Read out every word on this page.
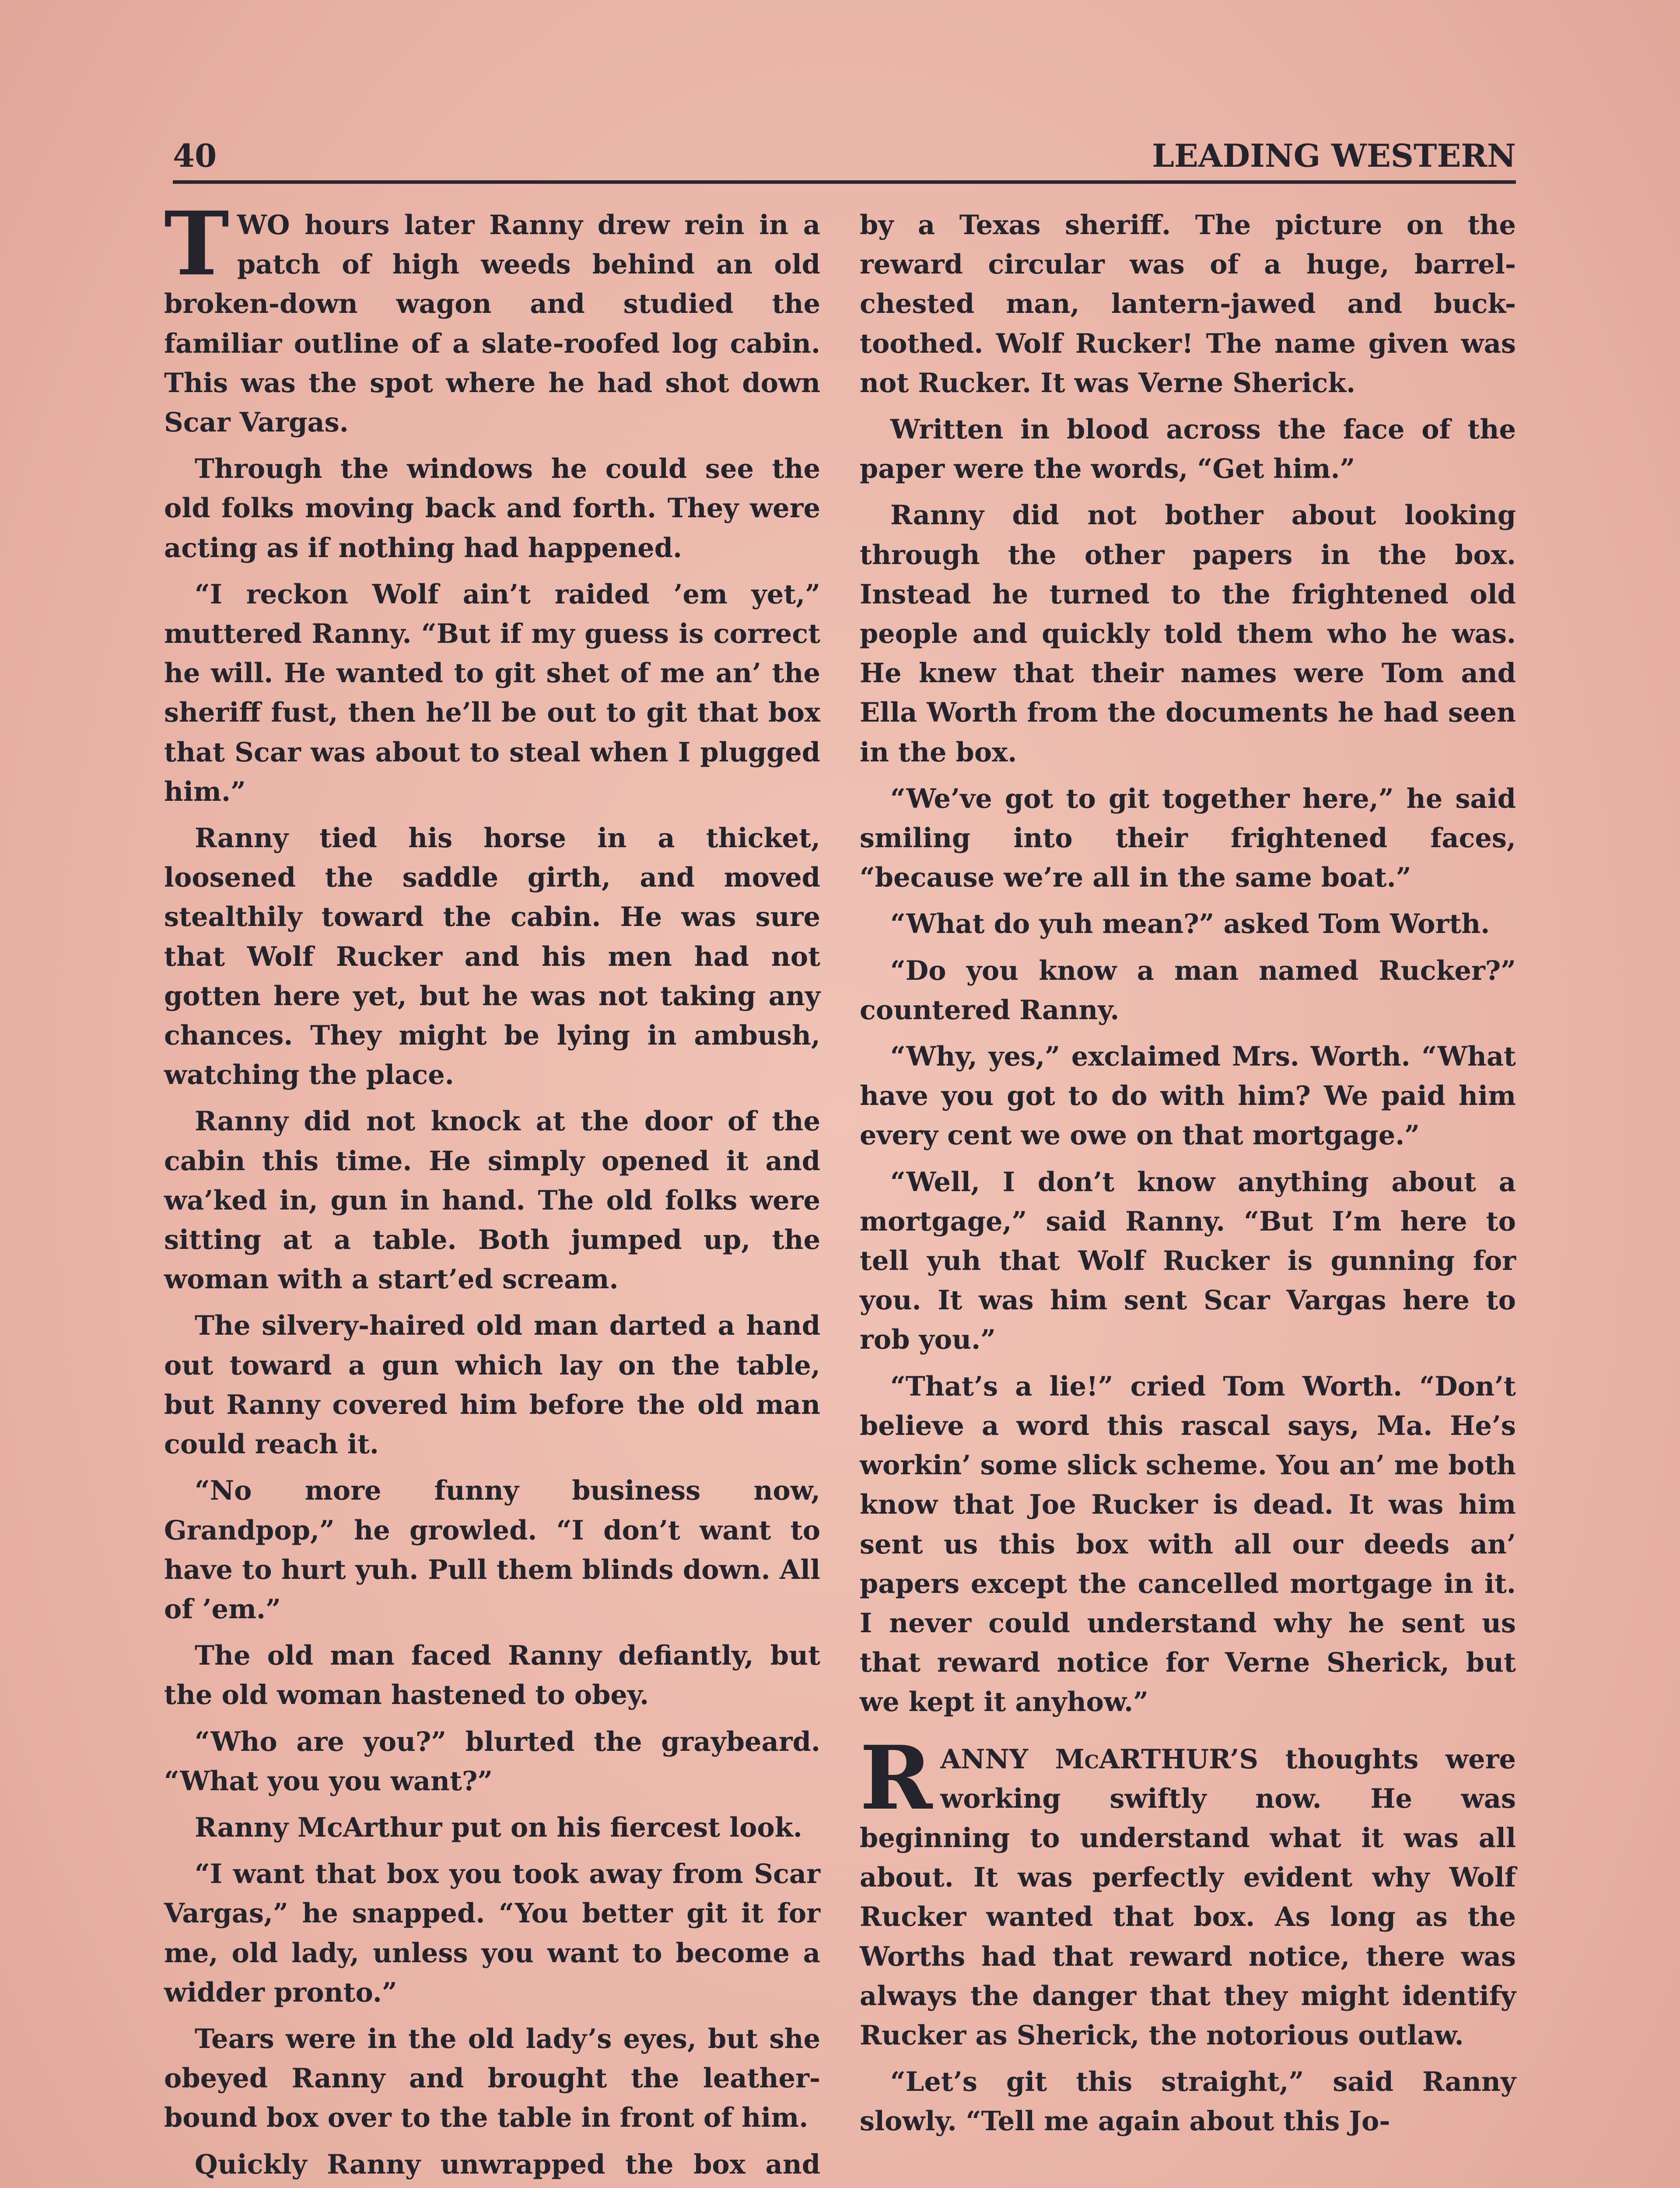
40	LEADING WESTERN

TWO hours later Ranny drew rein in a patch of high weeds behind an old broken-down wagon and studied the familiar outline of a slate-roofed log cabin. This was the spot where he had shot down Scar Vargas.

Through the windows he could see the old folks moving back and forth. They were acting as if nothing had happened.

“I reckon Wolf ain’t raided ’em yet,” muttered Ranny. “But if my guess is correct he will. He wanted to git shet of me an’ the sheriff fust, then he’ll be out to git that box that Scar was about to steal when I plugged him.”

Ranny tied his horse in a thicket, loosened the saddle girth, and moved stealthily toward the cabin. He was sure that Wolf Rucker and his men had not gotten here yet, but he was not taking any chances. They might be lying in ambush, watching the place.

Ranny did not knock at the door of the cabin this time. He simply opened it and wa’ked in, gun in hand. The old folks were sitting at a table. Both jumped up, the woman with a start’ed scream.

The silvery-haired old man darted a hand out toward a gun which lay on the table, but Ranny covered him before the old man could reach it.

“No more funny business now, Grandpop,” he growled. “I don’t want to have to hurt yuh. Pull them blinds down. All of ’em.”

The old man faced Ranny defiantly, but the old woman hastened to obey.

“Who are you?” blurted the graybeard. “What you you want?”

Ranny McArthur put on his fiercest look.

“I want that box you took away from Scar Vargas,” he snapped. “You better git it for me, old lady, unless you want to become a widder pronto.”

Tears were in the old lady’s eyes, but she obeyed Ranny and brought the leather-bound box over to the table in front of him.

Quickly Ranny unwrapped the box and

by a Texas sheriff. The picture on the reward circular was of a huge, barrel-chested man, lantern-jawed and buck-toothed. Wolf Rucker! The name given was not Rucker. It was Verne Sherick.

Written in blood across the face of the paper were the words, “Get him.”

Ranny did not bother about looking through the other papers in the box. Instead he turned to the frightened old people and quickly told them who he was. He knew that their names were Tom and Ella Worth from the documents he had seen in the box.

“We’ve got to git together here,” he said smiling into their frightened faces, “because we’re all in the same boat.”

“What do yuh mean?” asked Tom Worth.

“Do you know a man named Rucker?” countered Ranny.

“Why, yes,” exclaimed Mrs. Worth. “What have you got to do with him? We paid him every cent we owe on that mortgage.”

“Well, I don’t know anything about a mortgage,” said Ranny. “But I’m here to tell yuh that Wolf Rucker is gunning for you. It was him sent Scar Vargas here to rob you.”

“That’s a lie!” cried Tom Worth. “Don’t believe a word this rascal says, Ma. He’s workin’ some slick scheme. You an’ me both know that Joe Rucker is dead. It was him sent us this box with all our deeds an’ papers except the cancelled mortgage in it. I never could understand why he sent us that reward notice for Verne Sherick, but we kept it anyhow.”

RANNY McARTHUR’S thoughts were working swiftly now. He was beginning to understand what it was all about. It was perfectly evident why Wolf Rucker wanted that box. As long as the Worths had that reward notice, there was always the danger that they might identify Rucker as Sherick, the notorious outlaw.

“Let’s git this straight,” said Ranny slowly. “Tell me again about this Jo-
